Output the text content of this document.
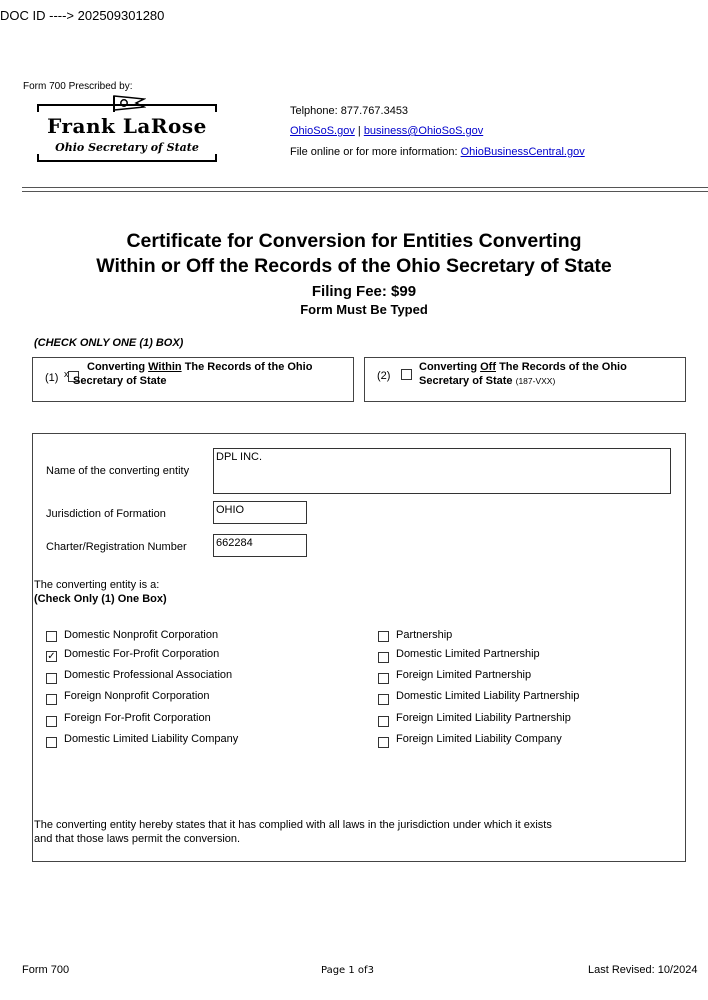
DOC ID ----> 202509301280
Form 700 Prescribed by:
Frank LaRose
Ohio Secretary of State
Telphone: 877.767.3453
OhioSoS.gov | business@OhioSoS.gov
File online or for more information: OhioBusinessCentral.gov
Certificate for Conversion for Entities Converting
Within or Off the Records of the Ohio Secretary of State
Filing Fee: $99
Form Must Be Typed
(CHECK ONLY ONE (1) BOX)
(1) x
Converting Within The Records of the Ohio
Secretary of State	(2)
Converting Off The Records of the Ohio
Secretary of State (187-VXX)
Name of the converting entity
DPL INC.
Jurisdiction of Formation	OHIO
Charter/Registration Number	662284
The converting entity is a:
(Check Only (1) One Box)
Domestic Nonprofit Corporation
✓ Domestic For-Profit Corporation
Domestic Professional Association
Foreign Nonprofit Corporation
Foreign For-Profit Corporation
Domestic Limited Liability Company
Partnership
Domestic Limited Partnership
Foreign Limited Partnership
Domestic Limited Liability Partnership
Foreign Limited Liability Partnership
Foreign Limited Liability Company
The converting entity hereby states that it has complied with all laws in the jurisdiction under which it exists
and that those laws permit the conversion.
Form 700	Page 1 of3	Last Revised: 10/2024
